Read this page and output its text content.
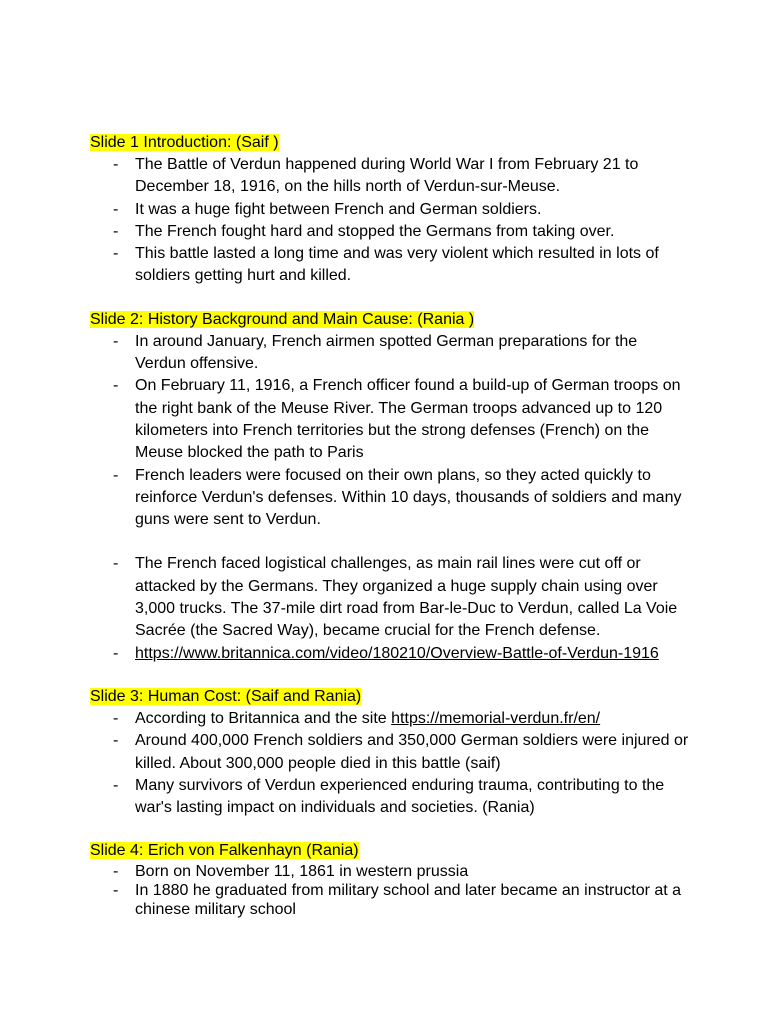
Slide 1 Introduction: (Saif )

- The Battle of Verdun happened during World War I from February 21 to December 18, 1916, on the hills north of Verdun-sur-Meuse.
- It was a huge fight between French and German soldiers.
- The French fought hard and stopped the Germans from taking over.
- This battle lasted a long time and was very violent which resulted in lots of soldiers getting hurt and killed.

Slide 2: History Background and Main Cause: (Rania )

- In around January, French airmen spotted German preparations for the Verdun offensive.
- On February 11, 1916, a French officer found a build-up of German troops on the right bank of the Meuse River. The German troops advanced up to 120 kilometers into French territories but the strong defenses (French) on the Meuse blocked the path to Paris
- French leaders were focused on their own plans, so they acted quickly to reinforce Verdun's defenses. Within 10 days, thousands of soldiers and many guns were sent to Verdun.
- The French faced logistical challenges, as main rail lines were cut off or attacked by the Germans. They organized a huge supply chain using over 3,000 trucks. The 37-mile dirt road from Bar-le-Duc to Verdun, called La Voie Sacrée (the Sacred Way), became crucial for the French defense.
- https://www.britannica.com/video/180210/Overview-Battle-of-Verdun-1916

Slide 3: Human Cost: (Saif and Rania)

- According to Britannica and the site https://memorial-verdun.fr/en/
- Around 400,000 French soldiers and 350,000 German soldiers were injured or killed. About 300,000 people died in this battle (saif)
- Many survivors of Verdun experienced enduring trauma, contributing to the war's lasting impact on individuals and societies. (Rania)

Slide 4: Erich von Falkenhayn (Rania)

- Born on November 11, 1861 in western prussia
- In 1880 he graduated from military school and later became an instructor at a chinese military school
